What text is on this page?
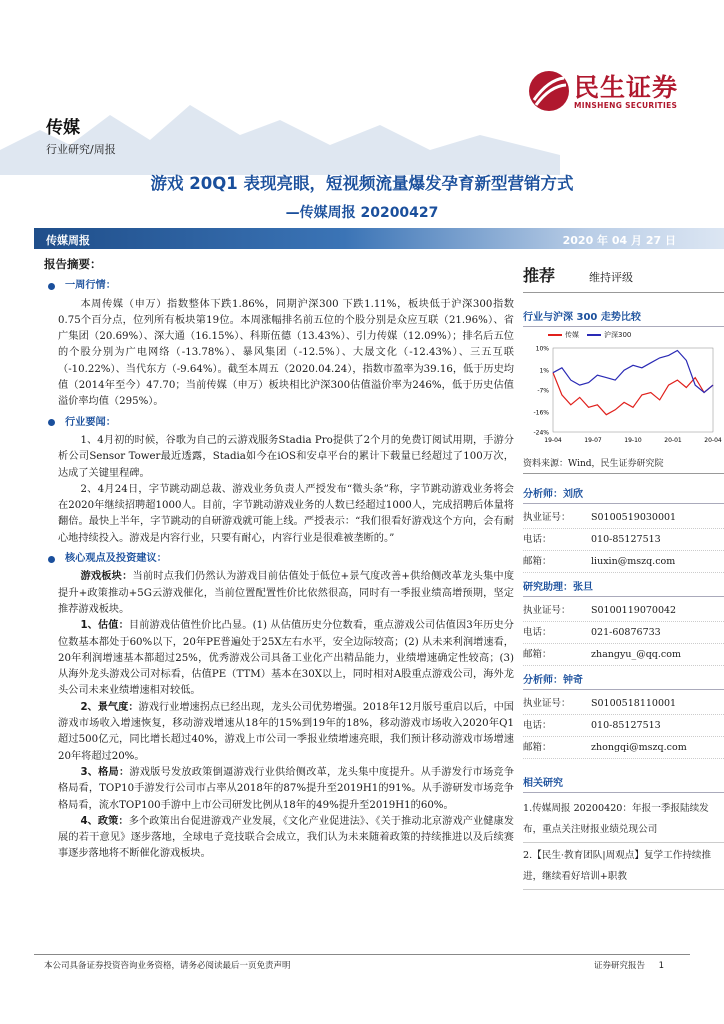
传媒
行业研究/周报
民生证券
MINSHENG SECURITIES
游戏 20Q1 表现亮眼，短视频流量爆发孕育新型营销方式
—传媒周报 20200427
传媒周报	2020 年 04 月 27 日
报告摘要：
一周行情：

本周传媒（申万）指数整体下跌1.86%，同期沪深300 下跌1.11%，板块低于沪深300指数0.75个百分点，位列所有板块第19位。本周涨幅排名前五位的个股分别是众应互联（21.96%）、省广集团（20.69%）、深大通（16.15%）、科斯伍德（13.43%）、引力传媒（12.09%）；排名后五位的个股分别为广电网络（-13.78%）、暴风集团（-12.5%）、大晟文化（-12.43%）、三五互联（-10.22%）、当代东方（-9.64%）。截至本周五（2020.04.24），指数市盈率为39.16，低于历史均值（2014年至今）47.70；当前传媒（申万）板块相比沪深300估值溢价率为246%，低于历史估值溢价率均值（295%）。

行业要闻：

1、4月初的时候，谷歌为自己的云游戏服务Stadia Pro提供了2个月的免费订阅试用期，手游分析公司Sensor Tower最近透露，Stadia如今在iOS和安卓平台的累计下载量已经超过了100万次，达成了关键里程碑。

2、4月24日，字节跳动副总裁、游戏业务负责人严授发布“微头条”称，字节跳动游戏业务将会在2020年继续招聘超1000人。目前，字节跳动游戏业务的人数已经超过1000人，完成招聘后体量将翻倍。最快上半年，字节跳动的自研游戏就可能上线。严授表示：“我们很看好游戏这个方向，会有耐心地持续投入。游戏是内容行业，只要有耐心，内容行业是很难被垄断的。”

核心观点及投资建议：

游戏板块：当前时点我们仍然认为游戏目前估值处于低位+景气度改善+供给侧改革龙头集中度提升+政策推动+5G云游戏催化，当前位置配置性价比依然很高，同时有一季报业绩高增预期，坚定推荐游戏板块。

1、估值：目前游戏估值性价比凸显。(1) 从估值历史分位数看，重点游戏公司估值因3年历史分位数基本都处于60%以下，20年PE普遍处于25X左右水平，安全边际较高；(2) 从未来利润增速看，20年利润增速基本都超过25%，优秀游戏公司具备工业化产出精品能力，业绩增速确定性较高；(3) 从海外龙头游戏公司对标看，估值PE（TTM）基本在30X以上，同时相对A股重点游戏公司，海外龙头公司未来业绩增速相对较低。

2、景气度：游戏行业增速拐点已经出现，龙头公司优势增强。2018年12月版号重启以后，中国游戏市场收入增速恢复，移动游戏增速从18年的15%到19年的18%，移动游戏市场收入2020年Q1超过500亿元，同比增长超过40%，游戏上市公司一季报业绩增速亮眼，我们预计移动游戏市场增速20年将超过20%。

3、格局：游戏版号发放政策倒逼游戏行业供给侧改革，龙头集中度提升。从手游发行市场竞争格局看，TOP10手游发行公司市占率从2018年的87%提升至2019H1的91%。从手游研发市场竞争格局看，流水TOP100手游中上市公司研发比例从18年的49%提升至2019H1的60%。

4、政策：多个政策出台促进游戏产业发展，《文化产业促进法》、《关于推动北京游戏产业健康发展的若干意见》逐步落地，全球电子竞技联合会成立，我们认为未来随着政策的持续推进以及后续赛事逐步落地将不断催化游戏板块。

推荐	维持评级
行业与沪深 300 走势比较
传媒	沪深300
10%
1%
-7%
-16%
-24%
19-04	19-07	19-10	20-01	20-04
资料来源：Wind，民生证券研究院
分析师：刘欣
执业证号：	S0100519030001
电话：	010-85127513
邮箱：	liuxin@mszq.com
研究助理：张旦
执业证号：	S0100119070042
电话：	021-60876733
邮箱：	zhangyu_@qq.com
分析师：钟奇
执业证号：	S0100518110001
电话：	010-85127513
邮箱：	zhongqi@mszq.com
相关研究
1.传媒周报 20200420：年报一季报陆续发布，重点关注财报业绩兑现公司
2.【民生·教育团队|周观点】复学工作持续推进，继续看好培训+职教
本公司具备证券投资咨询业务资格，请务必阅读最后一页免责声明	证券研究报告 1
